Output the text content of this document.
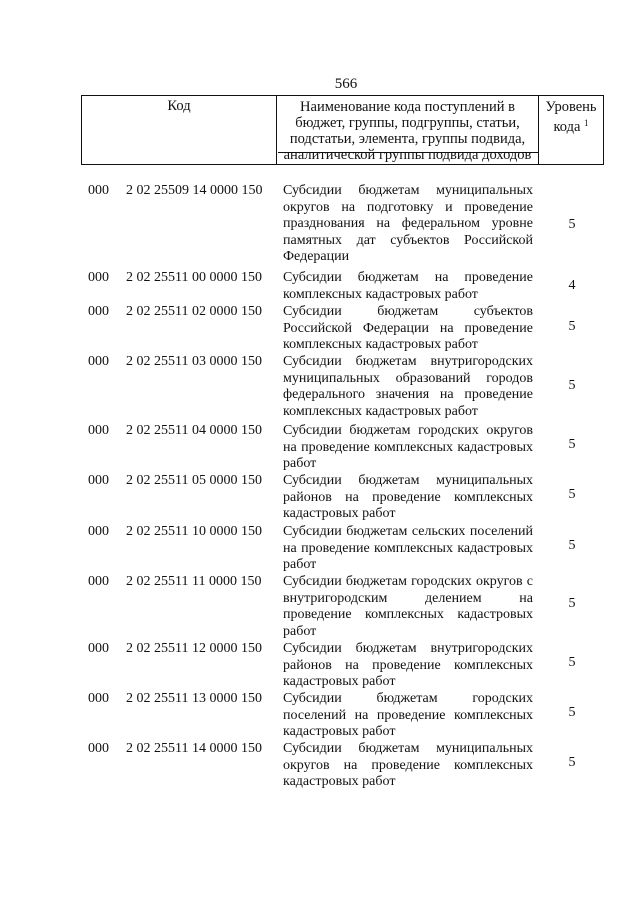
566
Код	Наименование кода поступлений в
бюджет, группы, подгруппы, статьи,
подстатьи, элемента, группы подвида,
аналитической группы подвида доходов
Уровень
кода $^1$
000 2 02 25509 14 0000 150 Субсидии бюджетам муниципальных округов на подготовку и проведение празднования на федеральном уровне памятных дат субъектов Российской Федерации
5
000 2 02 25511 00 0000 150 Субсидии бюджетам на проведение комплексных кадастровых работ
4
000 2 02 25511 02 0000 150 Субсидии бюджетам субъектов Российской Федерации на проведение комплексных кадастровых работ
5
000 2 02 25511 03 0000 150 Субсидии бюджетам внутригородских муниципальных образований городов федерального значения на проведение комплексных кадастровых работ
5
000 2 02 25511 04 0000 150 Субсидии бюджетам городских округов на проведение комплексных кадастровых работ
5
000 2 02 25511 05 0000 150 Субсидии бюджетам муниципальных районов на проведение комплексных кадастровых работ
5
000 2 02 25511 10 0000 150 Субсидии бюджетам сельских поселений на проведение комплексных кадастровых работ
5
000 2 02 25511 11 0000 150 Субсидии бюджетам городских округов с внутригородским делением на проведение комплексных кадастровых работ
5
000 2 02 25511 12 0000 150 Субсидии бюджетам внутригородских районов на проведение комплексных кадастровых работ
5
000 2 02 25511 13 0000 150 Субсидии бюджетам городских поселений на проведение комплексных кадастровых работ
5
000 2 02 25511 14 0000 150 Субсидии бюджетам муниципальных округов на проведение комплексных кадастровых работ
5
